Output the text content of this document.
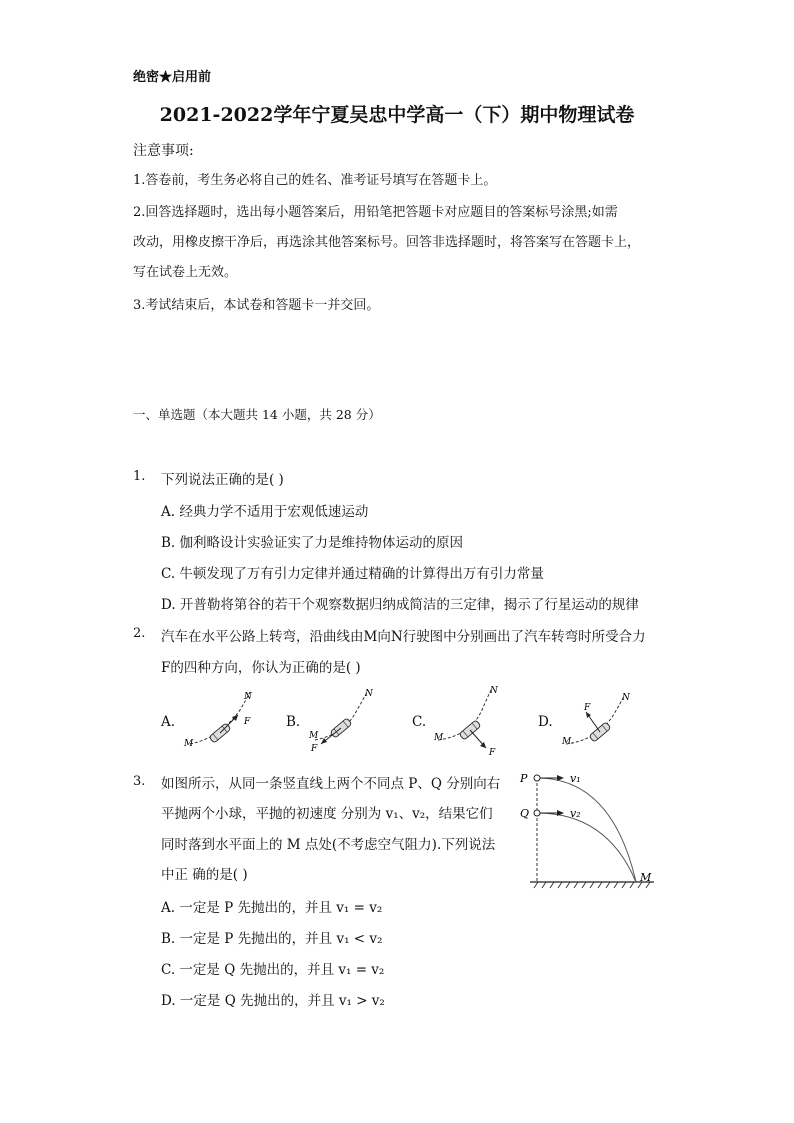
绝密★启用前
2021-2022学年宁夏吴忠中学高一（下）期中物理试卷
注意事项:
1.答卷前，考生务必将自己的姓名、准考证号填写在答题卡上。
2.回答选择题时，选出每小题答案后，用铅笔把答题卡对应题目的答案标号涂黑;如需
改动，用橡皮擦干净后，再选涂其他答案标号。回答非选择题时，将答案写在答题卡上，
写在试卷上无效。
3.考试结束后，本试卷和答题卡一并交回。
一、单选题（本大题共 14 小题，共 28 分）
1. 下列说法正确的是( )
A. 经典力学不适用于宏观低速运动
B. 伽利略设计实验证实了力是维持物体运动的原因
C. 牛顿发现了万有引力定律并通过精确的计算得出万有引力常量
D. 开普勒将第谷的若干个观察数据归纳成简洁的三定律，揭示了行星运动的规律
2. 汽车在水平公路上转弯，沿曲线由M向N行驶图中分别画出了汽车转弯时所受合力
F的四种方向，你认为正确的是( )
A.	B.	C.	D.
M
N
F
M
N
F
M
N
F
M
N
F
3. 如图所示，从同一条竖直线上两个不同点 P、Q 分别向右
平抛两个小球，平抛的初速度 分别为 v₁、v₂，结果它们
同时落到水平面上的 M 点处(不考虑空气阻力).下列说法
中正 确的是( )
A. 一定是 P 先抛出的，并且 v₁ = v₂
B. 一定是 P 先抛出的，并且 v₁ < v₂
C. 一定是 Q 先抛出的，并且 v₁ = v₂
D. 一定是 Q 先抛出的，并且 v₁ > v₂
P
Q
v₁
v₂
M
